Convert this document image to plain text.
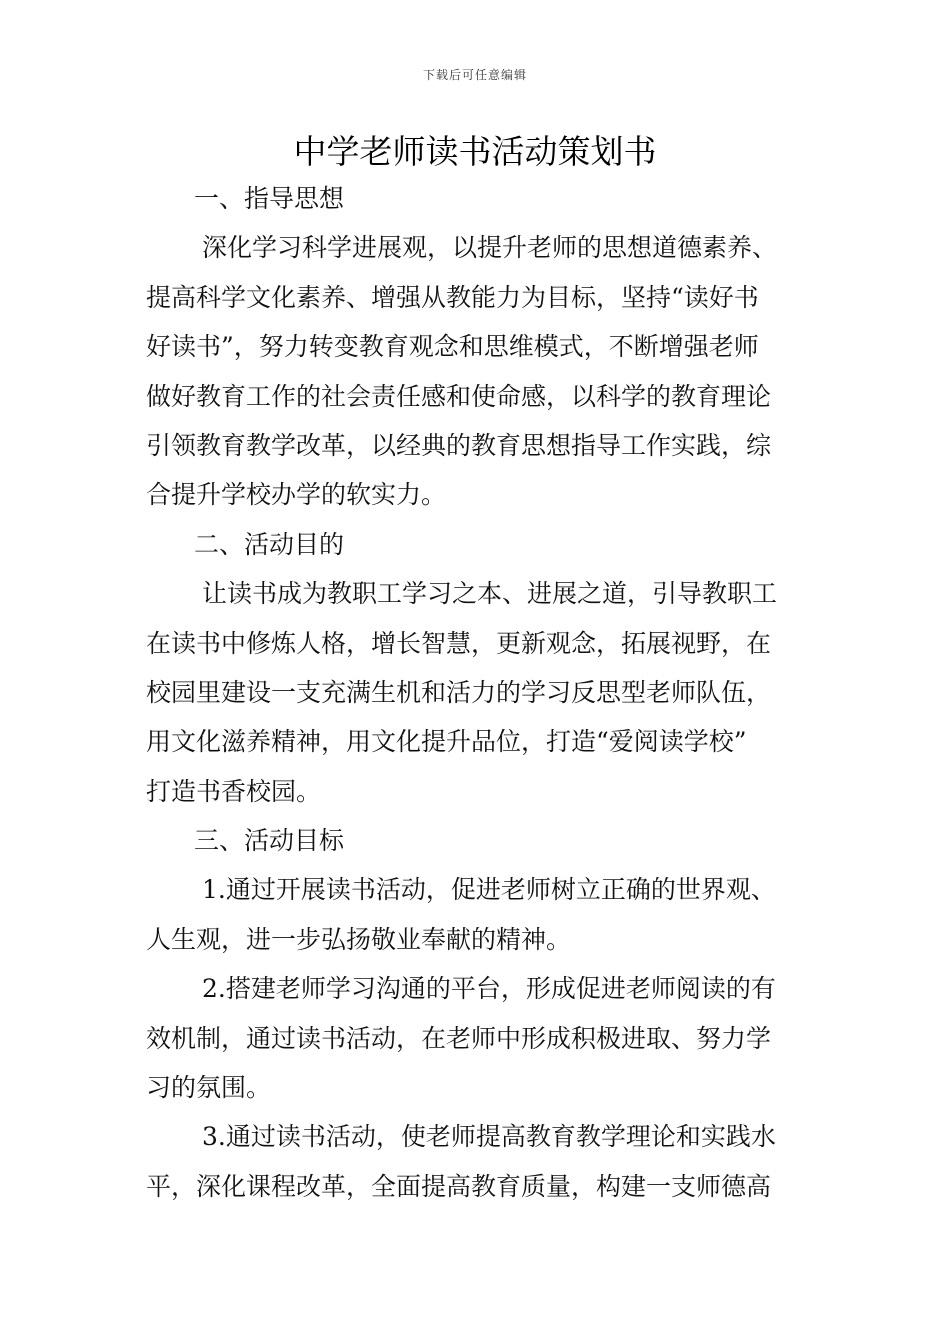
下载后可任意编辑
中学老师读书活动策划书
一、指导思想
深化学习科学进展观，以提升老师的思想道德素养、
提高科学文化素养、增强从教能力为目标，坚持“读好书
好读书”，努力转变教育观念和思维模式，不断增强老师
做好教育工作的社会责任感和使命感，以科学的教育理论
引领教育教学改革，以经典的教育思想指导工作实践，综
合提升学校办学的软实力。
二、活动目的
让读书成为教职工学习之本、进展之道，引导教职工
在读书中修炼人格，增长智慧，更新观念，拓展视野，在
校园里建设一支充满生机和活力的学习反思型老师队伍，
用文化滋养精神，用文化提升品位，打造“爱阅读学校”
打造书香校园。
三、活动目标
1.通过开展读书活动，促进老师树立正确的世界观、
人生观，进一步弘扬敬业奉献的精神。
2.搭建老师学习沟通的平台，形成促进老师阅读的有
效机制，通过读书活动，在老师中形成积极进取、努力学
习的氛围。
3.通过读书活动，使老师提高教育教学理论和实践水
平，深化课程改革，全面提高教育质量，构建一支师德高
